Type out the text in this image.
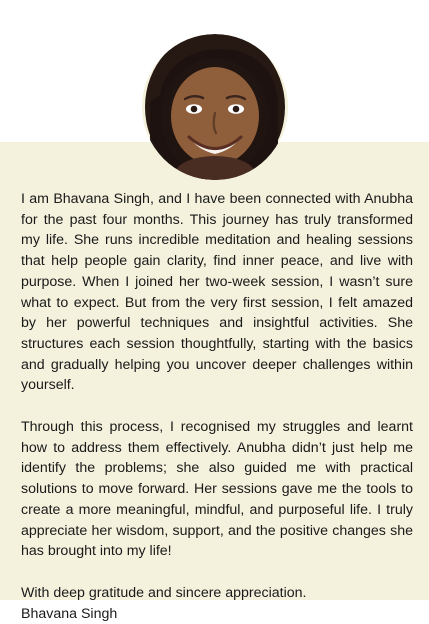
I am Bhavana Singh, and I have been connected with Anubha for the past four months. This journey has truly transformed my life. She runs incredible meditation and healing sessions that help people gain clarity, find inner peace, and live with purpose. When I joined her two-week session, I wasn’t sure what to expect. But from the very first session, I felt amazed by her powerful techniques and insightful activities. She structures each session thoughtfully, starting with the basics and gradually helping you uncover deeper challenges within yourself.

Through this process, I recognised my struggles and learnt how to address them effectively. Anubha didn’t just help me identify the problems; she also guided me with practical solutions to move forward. Her sessions gave me the tools to create a more meaningful, mindful, and purposeful life. I truly appreciate her wisdom, support, and the positive changes she has brought into my life!

With deep gratitude and sincere appreciation.
Bhavana Singh
